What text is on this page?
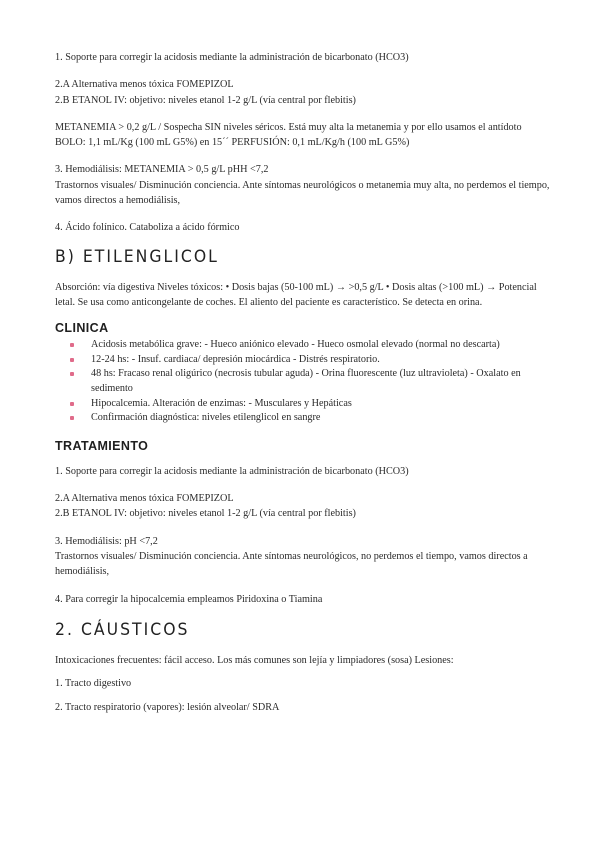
1. Soporte para corregir la acidosis mediante la administración de bicarbonato (HCO3)

2.A Alternativa menos tóxica FOMEPIZOL

2.B ETANOL IV: objetivo: niveles etanol 1-2 g/L (vía central por flebitis)

METANEMIA > 0,2 g/L / Sospecha SIN niveles séricos. Está muy alta la metanemia y por ello usamos el antídoto

BOLO: 1,1 mL/Kg (100 mL G5%) en 15´´ PERFUSIÓN: 0,1 mL/Kg/h (100 mL G5%)

3. Hemodiálisis: METANEMIA > 0,5 g/L pHH <7,2

Trastornos visuales/ Disminución conciencia. Ante síntomas neurológicos o metanemia muy alta, no perdemos el tiempo, vamos directos a hemodiálisis,

4. Ácido folínico. Cataboliza a ácido fórmico

B) ETILENGLICOL

Absorción: vía digestiva Niveles tóxicos: • Dosis bajas (50-100 mL) → >0,5 g/L • Dosis altas (>100 mL) → Potencial letal. Se usa como anticongelante de coches. El aliento del paciente es característico. Se detecta en orina.

CLINICA
Acidosis metabólica grave: - Hueco aniónico elevado - Hueco osmolal elevado (normal no descarta)
12-24 hs: - Insuf. cardiaca/ depresión miocárdica - Distrés respiratorio.
48 hs: Fracaso renal oligúrico (necrosis tubular aguda) - Orina fluorescente (luz ultravioleta) - Oxalato en sedimento
Hipocalcemia. Alteración de enzimas: - Musculares y Hepáticas
Confirmación diagnóstica: niveles etilenglicol en sangre
TRATAMIENTO

1. Soporte para corregir la acidosis mediante la administración de bicarbonato (HCO3)

2.A Alternativa menos tóxica FOMEPIZOL

2.B ETANOL IV: objetivo: niveles etanol 1-2 g/L (vía central por flebitis)

3. Hemodiálisis: pH <7,2

Trastornos visuales/ Disminución conciencia. Ante síntomas neurológicos, no perdemos el tiempo, vamos directos a hemodiálisis,

4. Para corregir la hipocalcemia empleamos Piridoxina o Tiamina

2. CÁUSTICOS

Intoxicaciones frecuentes: fácil acceso. Los más comunes son lejía y limpiadores (sosa) Lesiones:

1. Tracto digestivo

2. Tracto respiratorio (vapores): lesión alveolar/ SDRA
